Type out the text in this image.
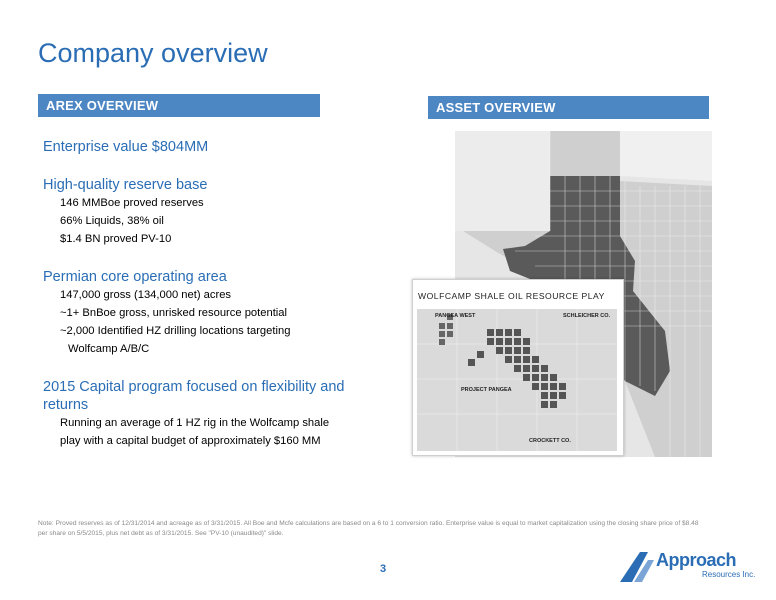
Company overview
AREX OVERVIEW	ASSET OVERVIEW
Enterprise value $804MM
High-quality reserve base
146 MMBoe proved reserves
66% Liquids, 38% oil
$1.4 BN proved PV-10
Permian core operating area
147,000 gross (134,000 net) acres
~1+ BnBoe gross, unrisked resource potential
~2,000 Identified HZ drilling locations targeting
Wolfcamp A/B/C
2015 Capital program focused on flexibility and
returns
Running an average of 1 HZ rig in the Wolfcamp shale
play with a capital budget of approximately $160 MM
WOLFCAMP SHALE OIL RESOURCE PLAY
PANGEA WEST	SCHLEICHER CO.
PROJECT PANGEA
CROCKETT CO.
Note: Proved reserves as of 12/31/2014 and acreage as of 3/31/2015. All Boe and Mcfe calculations are based on a 6 to 1 conversion ratio. Enterprise value is equal to market capitalization using the closing share price of $8.48
per share on 5/5/2015, plus net debt as of 3/31/2015. See "PV-10 (unaudited)" slide.
3	Approach
Resources Inc.
